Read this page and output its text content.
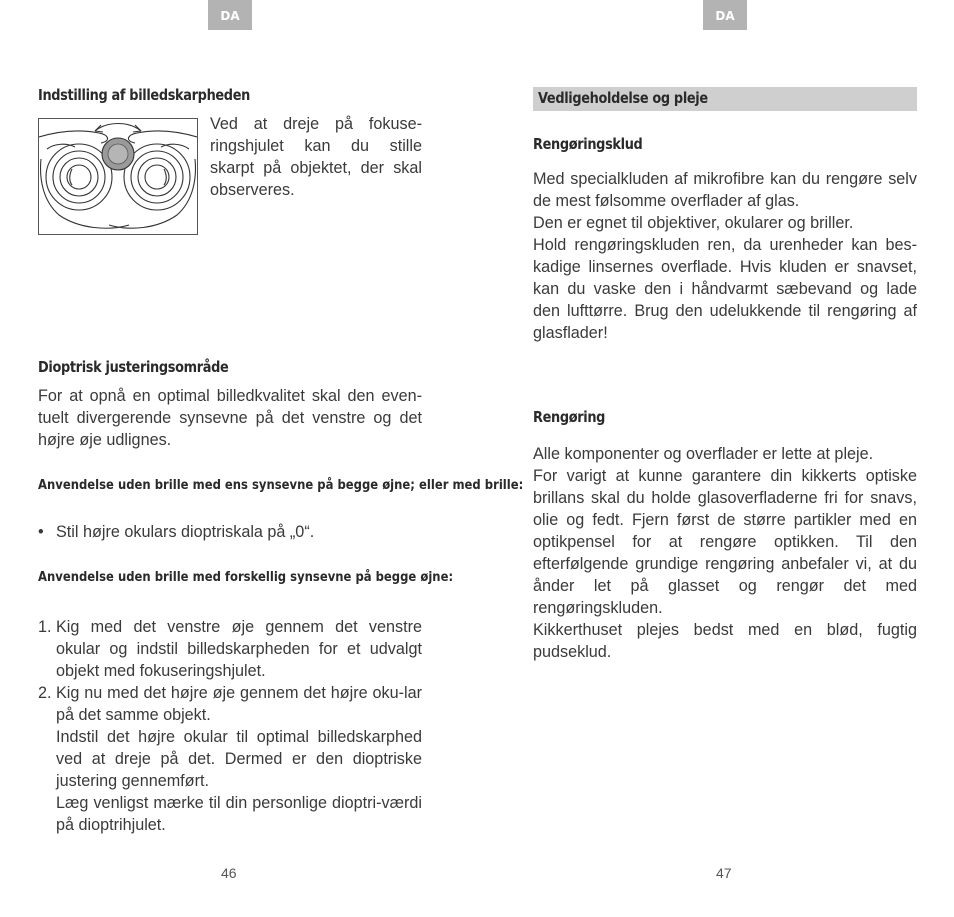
DA	DA
Indstilling af billedskarpheden

Ved at dreje på fokuse-ringshjulet kan du stille skarpt på objektet, der skal observeres.

Dioptrisk justeringsområde

For at opnå en optimal billedkvalitet skal den even-tuelt divergerende synsevne på det venstre og det højre øje udlignes.

Anvendelse uden brille med ens synsevne på begge øjne; eller med brille:
• Stil højre okulars dioptriskala på „0“.

Anvendelse uden brille med forskellig synsevne på begge øjne:
1. Kig med det venstre øje gennem det venstre okular og indstil billedskarpheden for et udvalgt objekt med fokuseringshjulet.

2. Kig nu med det højre øje gennem det højre oku-lar på det samme objekt.

Indstil det højre okular til optimal billedskarphed ved at dreje på det. Dermed er den dioptriske justering gennemført.

Læg venligst mærke til din personlige dioptri-værdi på dioptrihjulet.

46
Vedligeholdelse og pleje
Rengøringsklud

Med specialkluden af mikrofibre kan du rengøre selv de mest følsomme overflader af glas.

Den er egnet til objektiver, okularer og briller.

Hold rengøringskluden ren, da urenheder kan bes-kadige linsernes overflade. Hvis kluden er snavset, kan du vaske den i håndvarmt sæbevand og lade den lufttørre. Brug den udelukkende til rengøring af glasflader!

Rengøring

Alle komponenter og overflader er lette at pleje.

For varigt at kunne garantere din kikkerts optiske brillans skal du holde glasoverfladerne fri for snavs, olie og fedt. Fjern først de større partikler med en optikpensel for at rengøre optikken. Til den efterfølgende grundige rengøring anbefaler vi, at du ånder let på glasset og rengør det med rengøringskluden.

Kikkerthuset plejes bedst med en blød, fugtig pudseklud.

47
